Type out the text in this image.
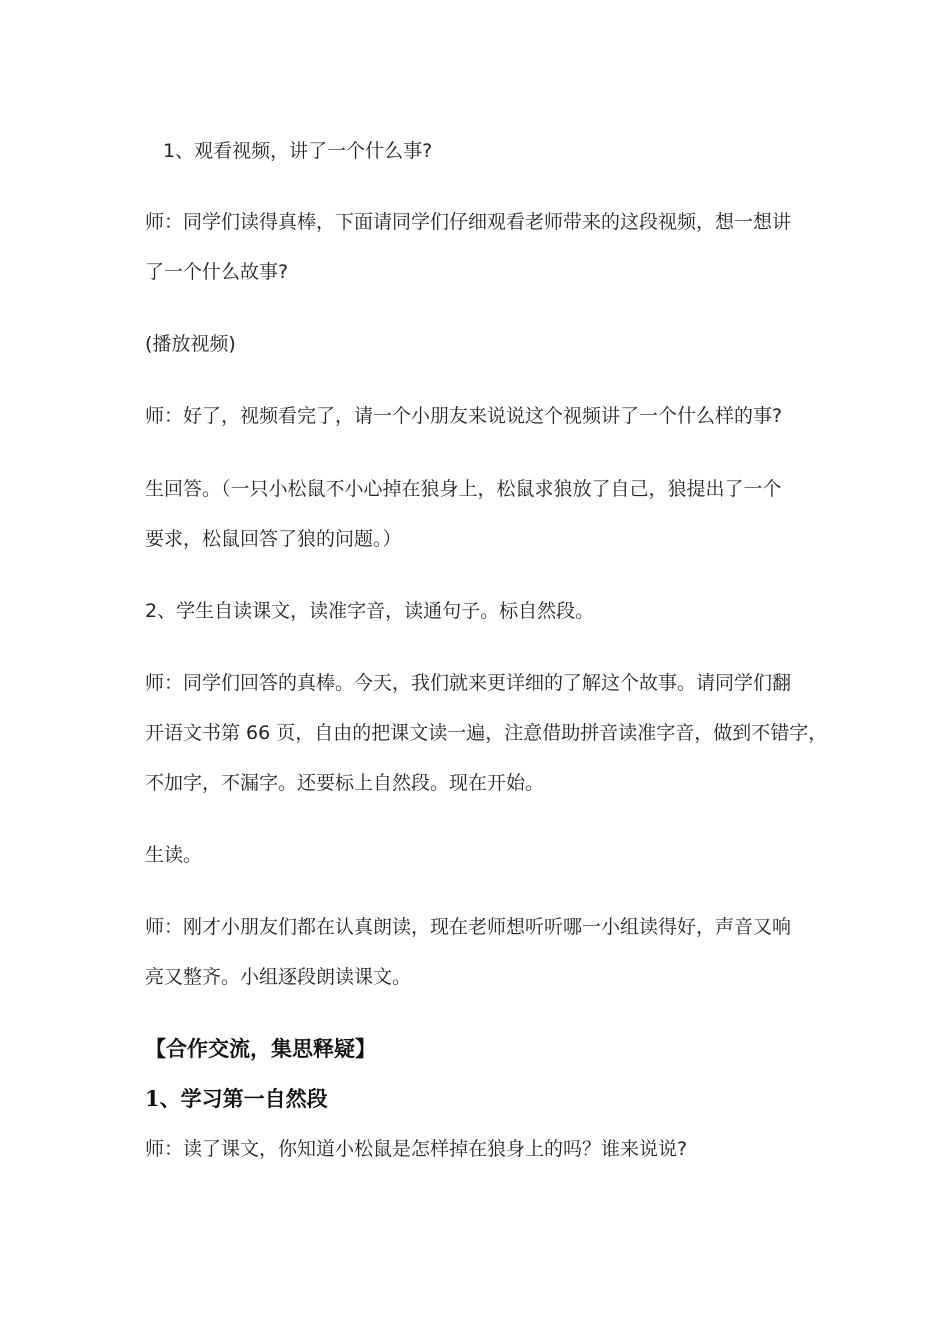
1、观看视频，讲了一个什么事?
师：同学们读得真棒，下面请同学们仔细观看老师带来的这段视频，想一想讲
了一个什么故事?
(播放视频)
师：好了，视频看完了，请一个小朋友来说说这个视频讲了一个什么样的事?
生回答。（一只小松鼠不小心掉在狼身上，松鼠求狼放了自己，狼提出了一个
要求，松鼠回答了狼的问题。）
2、学生自读课文，读准字音，读通句子。标自然段。
师：同学们回答的真棒。今天，我们就来更详细的了解这个故事。请同学们翻
开语文书第 66 页，自由的把课文读一遍，注意借助拼音读准字音，做到不错字，
不加字，不漏字。还要标上自然段。现在开始。
生读。
师：刚才小朋友们都在认真朗读，现在老师想听听哪一小组读得好，声音又响
亮又整齐。小组逐段朗读课文。
【合作交流，集思释疑】
1、学习第一自然段
师：读了课文，你知道小松鼠是怎样掉在狼身上的吗？谁来说说?
